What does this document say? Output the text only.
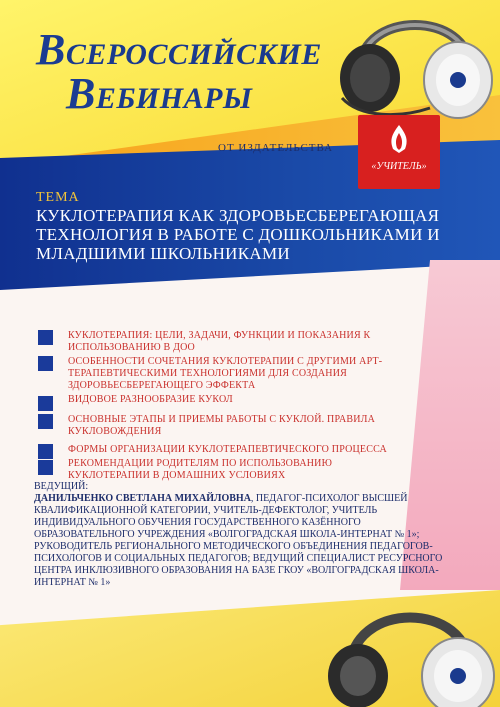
ВСЕРОССИЙСКИЕ
ВЕБИНАРЫ
ОТ ИЗДАТЕЛЬСТВА
«УЧИТЕЛЬ»
ТЕМА
КУКЛОТЕРАПИЯ КАК ЗДОРОВЬЕСБЕРЕГАЮЩАЯ ТЕХНОЛОГИЯ В РАБОТЕ С ДОШКОЛЬНИКАМИ И МЛАДШИМИ ШКОЛЬНИКАМИ
КУКЛОТЕРАПИЯ: ЦЕЛИ, ЗАДАЧИ, ФУНКЦИИ И ПОКАЗАНИЯ К ИСПОЛЬЗОВАНИЮ В ДОО
ОСОБЕННОСТИ СОЧЕТАНИЯ КУКЛОТЕРАПИИ С ДРУГИМИ АРТ-ТЕРАПЕВТИЧЕСКИМИ ТЕХНОЛОГИЯМИ ДЛЯ СОЗДАНИЯ ЗДОРОВЬЕСБЕРЕГАЮЩЕГО ЭФФЕКТА
ВИДОВОЕ РАЗНООБРАЗИЕ КУКОЛ
ОСНОВНЫЕ ЭТАПЫ И ПРИЕМЫ РАБОТЫ С КУКЛОЙ. ПРАВИЛА КУКЛОВОЖДЕНИЯ
ФОРМЫ ОРГАНИЗАЦИИ КУКЛОТЕРАПЕВТИЧЕСКОГО ПРОЦЕССА
РЕКОМЕНДАЦИИ РОДИТЕЛЯМ ПО ИСПОЛЬЗОВАНИЮ КУКЛОТЕРАПИИ В ДОМАШНИХ УСЛОВИЯХ
ВЕДУЩИЙ:
ДАНИЛЬЧЕНКО СВЕТЛАНА МИХАЙЛОВНА, ПЕДАГОГ-ПСИХОЛОГ ВЫСШЕЙ КВАЛИФИКАЦИОННОЙ КАТЕГОРИИ, УЧИТЕЛЬ-ДЕФЕКТОЛОГ, УЧИТЕЛЬ ИНДИВИДУАЛЬНОГО ОБУЧЕНИЯ ГОСУДАРСТВЕННОГО КАЗЁННОГО ОБРАЗОВАТЕЛЬНОГО УЧРЕЖДЕНИЯ «ВОЛГОГРАДСКАЯ ШКОЛА-ИНТЕРНАТ № 1»; РУКОВОДИТЕЛЬ РЕГИОНАЛЬНОГО МЕТОДИЧЕСКОГО ОБЪЕДИНЕНИЯ ПЕДАГОГОВ-ПСИХОЛОГОВ И СОЦИАЛЬНЫХ ПЕДАГОГОВ; ВЕДУЩИЙ СПЕЦИАЛИСТ РЕСУРСНОГО ЦЕНТРА ИНКЛЮЗИВНОГО ОБРАЗОВАНИЯ НА БАЗЕ ГКОУ «ВОЛГОГРАДСКАЯ ШКОЛА-ИНТЕРНАТ № 1»
